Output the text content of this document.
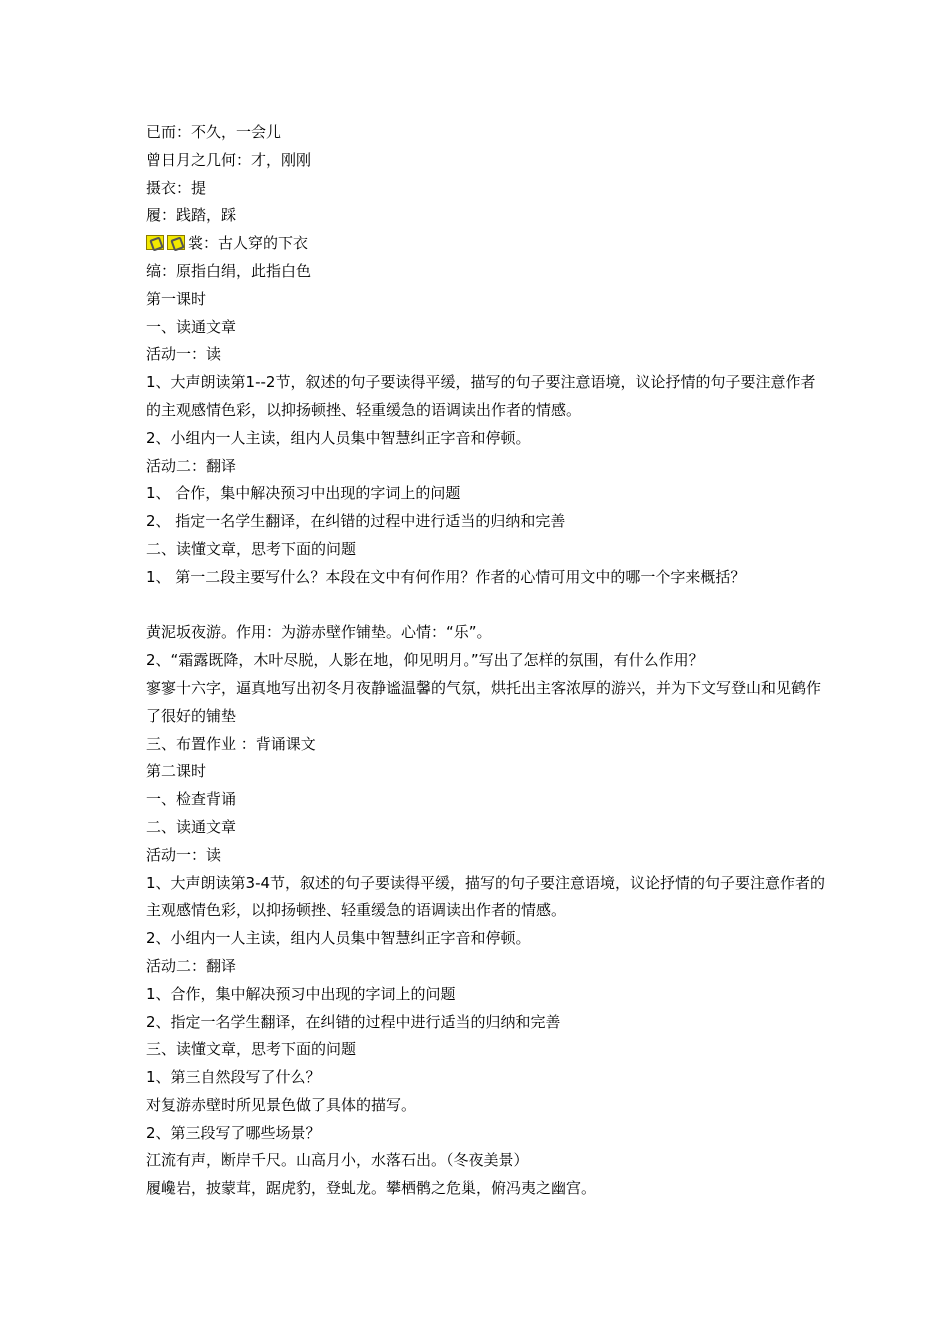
已而：不久，一会儿
曾日月之几何：才，刚刚
摄衣：提
履：践踏，踩
裳：古人穿的下衣
缟：原指白绢，此指白色
第一课时
一、读通文章
活动一：读
1、大声朗读第1--2节，叙述的句子要读得平缓，描写的句子要注意语境，议论抒情的句子要注意作者的主观感情色彩，以抑扬顿挫、轻重缓急的语调读出作者的情感。
2、小组内一人主读，组内人员集中智慧纠正字音和停顿。
活动二：翻译
1、 合作，集中解决预习中出现的字词上的问题
2、 指定一名学生翻译，在纠错的过程中进行适当的归纳和完善
二、读懂文章，思考下面的问题
1、 第一二段主要写什么？本段在文中有何作用？作者的心情可用文中的哪一个字来概括？
黄泥坂夜游。作用：为游赤壁作铺垫。心情：“乐”。
2、“霜露既降，木叶尽脱，人影在地，仰见明月。”写出了怎样的氛围，有什么作用？
寥寥十六字，逼真地写出初冬月夜静谧温馨的气氛，烘托出主客浓厚的游兴，并为下文写登山和见鹤作了很好的铺垫
三、布置作业 ：背诵课文
第二课时
一、检查背诵
二、读通文章
活动一：读
1、大声朗读第3-4节，叙述的句子要读得平缓，描写的句子要注意语境，议论抒情的句子要注意作者的主观感情色彩，以抑扬顿挫、轻重缓急的语调读出作者的情感。
2、小组内一人主读，组内人员集中智慧纠正字音和停顿。
活动二：翻译
1、合作，集中解决预习中出现的字词上的问题
2、指定一名学生翻译，在纠错的过程中进行适当的归纳和完善
三、读懂文章，思考下面的问题
1、第三自然段写了什么？
对复游赤壁时所见景色做了具体的描写。
2、第三段写了哪些场景？
江流有声，断岸千尺。山高月小，水落石出。（冬夜美景）
履巉岩，披蒙茸，踞虎豹，登虬龙。攀栖鹘之危巢，俯冯夷之幽宫。
